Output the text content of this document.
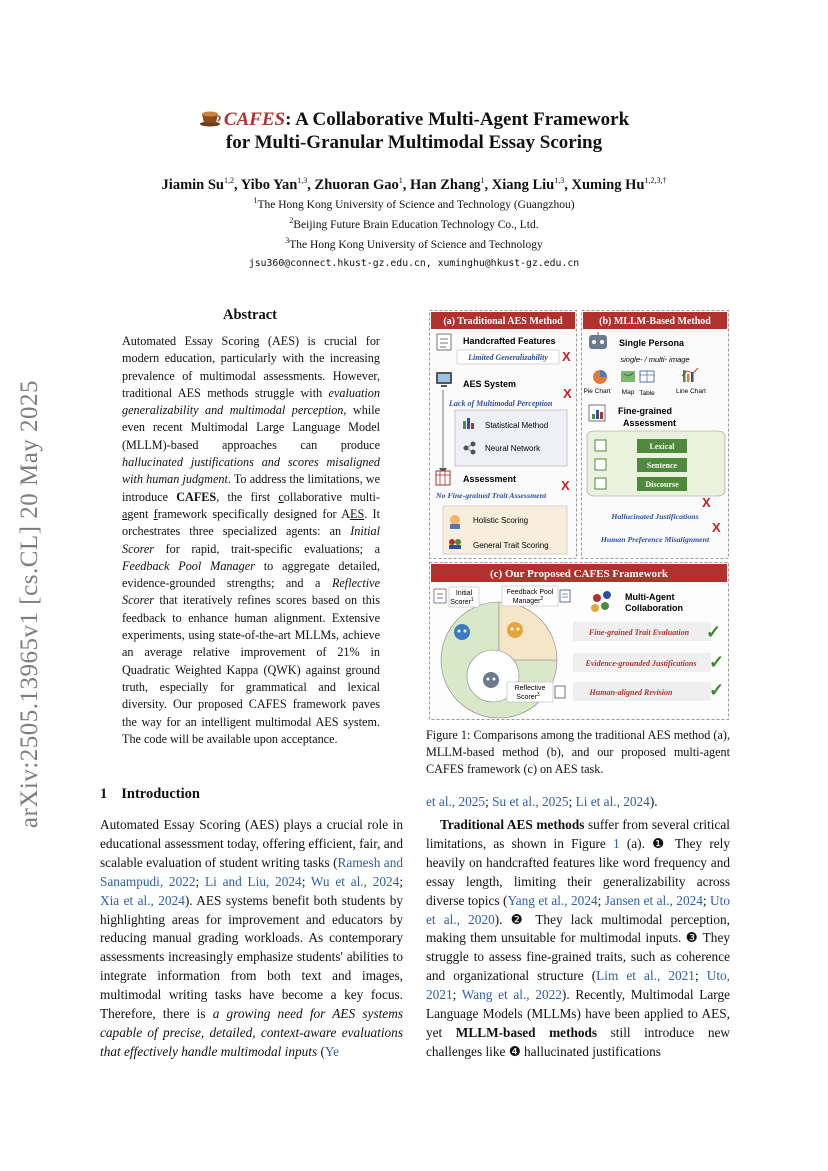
arXiv:2505.13965v1 [cs.CL] 20 May 2025
CAFES: A Collaborative Multi-Agent Framework
for Multi-Granular Multimodal Essay Scoring
Jiamin Su$^{1,2}$, Yibo Yan$^{1,3}$, Zhuoran Gao$^1$, Han Zhang$^1$, Xiang Liu$^{1,3}$, Xuming $Hu^{1,2,3,\dagger}$
$^1$The Hong Kong University of Science and Technology (Guangzhou)
$^2$Beijing Future Brain Education Technology Co., Ltd.
$^3$The Hong Kong University of Science and Technology
jsu360@connect.hkust-gz.edu.cn, xuminghu@hkust-gz.edu.cn
Abstract
Automated Essay Scoring (AES) is crucial for modern education, particularly with the increasing prevalence of multimodal assessments. However, traditional AES methods struggle with evaluation generalizability and multimodal perception, while even recent Multimodal Large Language Model (MLLM)-based approaches can produce hallucinated justifications and scores misaligned with human judgment. To address the limitations, we introduce CAFES, the first collaborative multi-agent framework specifically designed for AES. It orchestrates three specialized agents: an Initial Scorer for rapid, trait-specific evaluations; a Feedback Pool Manager to aggregate detailed, evidence-grounded strengths; and a Reflective Scorer that iteratively refines scores based on this feedback to enhance human alignment. Extensive experiments, using state-of-the-art MLLMs, achieve an average relative improvement of 21% in Quadratic Weighted Kappa (QWK) against ground truth, especially for grammatical and lexical diversity. Our proposed CAFES framework paves the way for an intelligent multimodal AES system. The code will be available upon acceptance.
1 Introduction
Automated Essay Scoring (AES) plays a crucial role in educational assessment today, offering efficient, fair, and scalable evaluation of student writing tasks (Ramesh and Sanampudi, 2022; Li and Liu, 2024; Wu et al., 2024; Xia et al., 2024). AES systems benefit both students by highlighting areas for improvement and educators by reducing manual grading workloads. As contemporary assessments increasingly emphasize students' abilities to integrate information from both text and images, multimodal writing tasks have become a key focus. Therefore, there is a growing need for AES systems capable of precise, detailed, context-aware evaluations that effectively handle multimodal inputs (Ye
(a) Traditional AES Method
Handcrafted Features
Limited Generalizability X
AES System
X
Lack of Multimodal Perception
Statistical Method
Neural Network
Assessment	X
No Fine-grained Trait Assessment
Holistic Scoring
General Trait Scoring
(b) MLLM-Based Method
Single Persona
single- / multi- image
Pie Chart Map Table	Line Chart
Fine-grained
Assessment
Lexical
Sentence
Discourse
X
Hallucinated Justifications
X
Human Preference Misalignment
(c) Our Proposed CAFES Framework
Initial
Scorer$^1$
Feedback Pool
Manager$^2$
Reflective
Scorer$^3$
Multi-Agent
Collaboration
Fine-grained Trait Evaluation ✓
Evidence-grounded Justifications ✓
Human-aligned Revision ✓
Figure 1: Comparisons among the traditional AES method (a), MLLM-based method (b), and our proposed multi-agent CAFES framework (c) on AES task.
et al., 2025; Su et al., 2025; Li et al., 2024).
Traditional AES methods suffer from several critical limitations, as shown in Figure 1 (a). ❶ They rely heavily on handcrafted features like word frequency and essay length, limiting their generalizability across diverse topics (Yang et al., 2024; Jansen et al., 2024; Uto et al., 2020). ❷ They lack multimodal perception, making them unsuitable for multimodal inputs. ❸ They struggle to assess fine-grained traits, such as coherence and organizational structure (Lim et al., 2021; Uto, 2021; Wang et al., 2022). Recently, Multimodal Large Language Models (MLLMs) have been applied to AES, yet MLLM-based methods still introduce new challenges like ❹ hallucinated justifications
